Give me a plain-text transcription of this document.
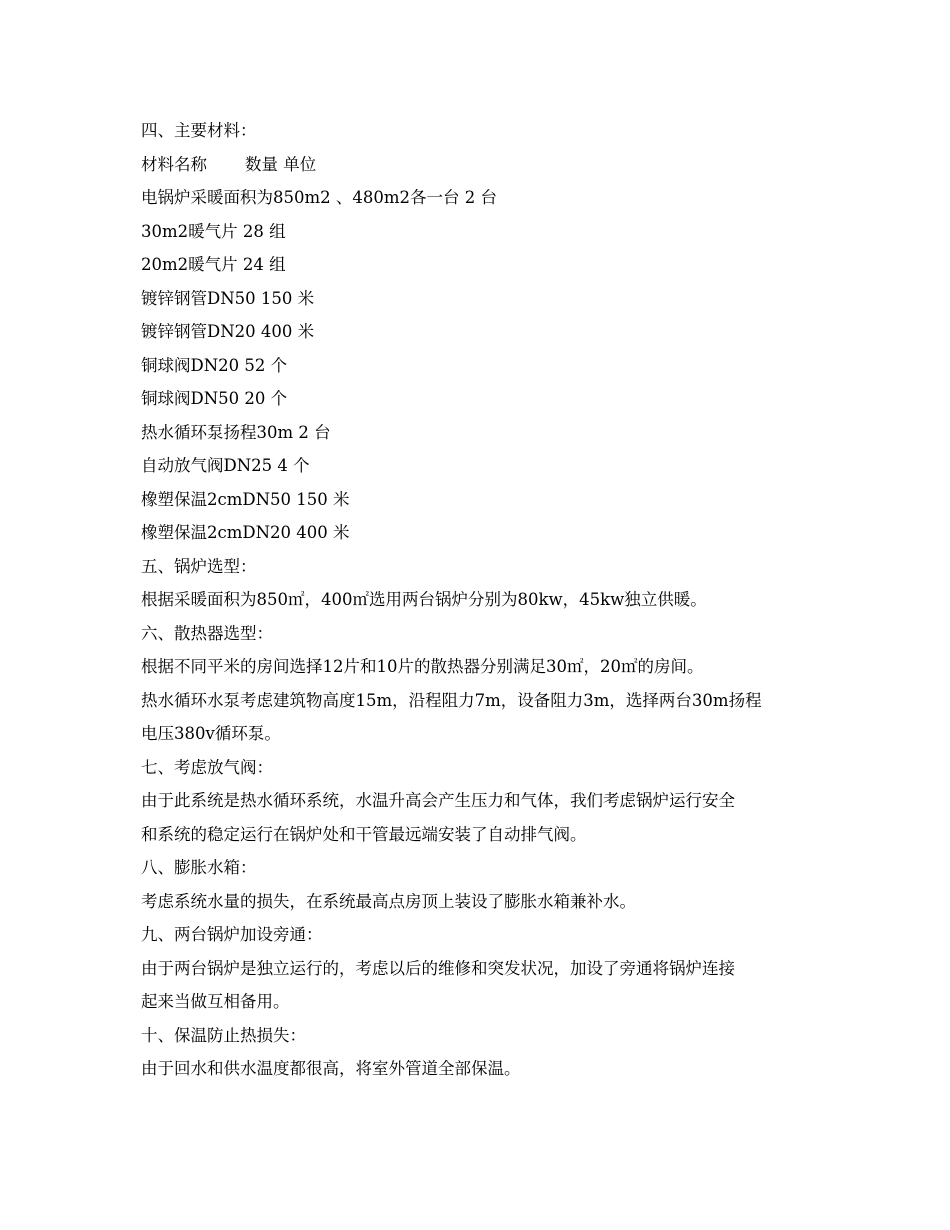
四、主要材料：
材料名称 数量 单位
电锅炉采暖面积为850m2 、480m2各一台 2 台
30m2暖气片 28 组
20m2暖气片 24 组
镀锌钢管DN50 150 米
镀锌钢管DN20 400 米
铜球阀DN20 52 个
铜球阀DN50 20 个
热水循环泵扬程30m 2 台
自动放气阀DN25 4 个
橡塑保温2cmDN50 150 米
橡塑保温2cmDN20 400 米
五、锅炉选型：
根据采暖面积为850㎡，400㎡选用两台锅炉分别为80kw，45kw独立供暖。
六、散热器选型：
根据不同平米的房间选择12片和10片的散热器分别满足30㎡，20㎡的房间。
热水循环水泵考虑建筑物高度15m，沿程阻力7m，设备阻力3m，选择两台30m扬程
电压380v循环泵。
七、考虑放气阀：
由于此系统是热水循环系统，水温升高会产生压力和气体，我们考虑锅炉运行安全
和系统的稳定运行在锅炉处和干管最远端安装了自动排气阀。
八、膨胀水箱：
考虑系统水量的损失，在系统最高点房顶上装设了膨胀水箱兼补水。
九、两台锅炉加设旁通：
由于两台锅炉是独立运行的，考虑以后的维修和突发状况，加设了旁通将锅炉连接
起来当做互相备用。
十、保温防止热损失：
由于回水和供水温度都很高，将室外管道全部保温。
